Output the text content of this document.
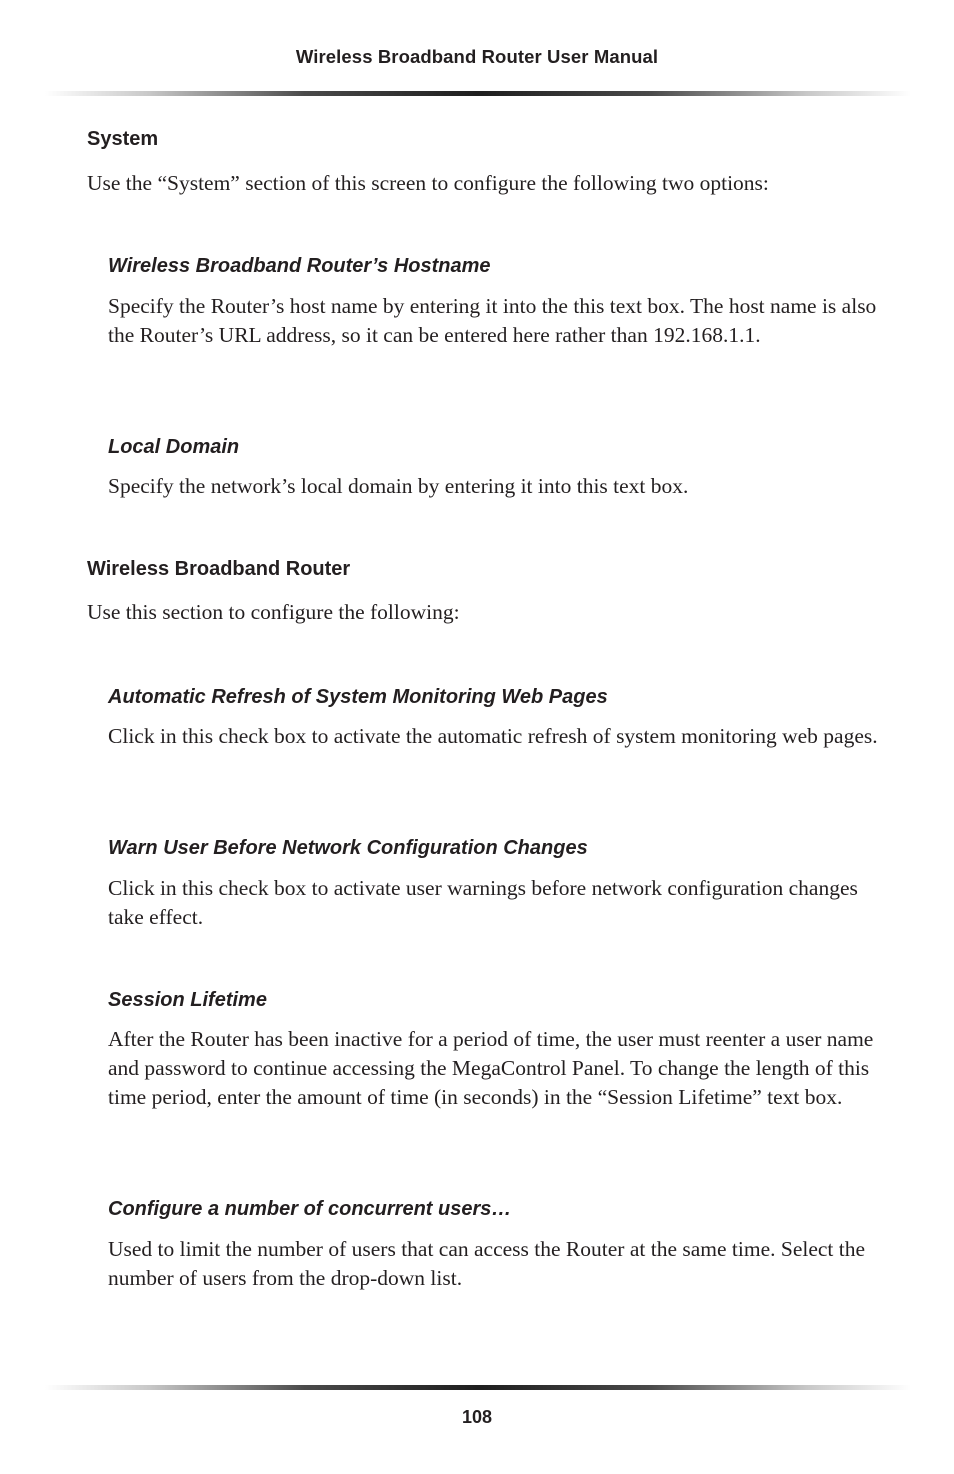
Wireless Broadband Router User Manual
System

Use the “System” section of this screen to configure the following two options:

Wireless Broadband Router’s Hostname

Specify the Router’s host name by entering it into the this text box. The host name is also the Router’s URL address, so it can be entered here rather than 192.168.1.1.

Local Domain

Specify the network’s local domain by entering it into this text box.

Wireless Broadband Router

Use this section to configure the following:

Automatic Refresh of System Monitoring Web Pages

Click in this check box to activate the automatic refresh of system monitoring web pages.

Warn User Before Network Configuration Changes

Click in this check box to activate user warnings before network configuration changes take effect.

Session Lifetime

After the Router has been inactive for a period of time, the user must reenter a user name and password to continue accessing the MegaControl Panel. To change the length of this time period, enter the amount of time (in seconds) in the “Session Lifetime” text box.

Configure a number of concurrent users…

Used to limit the number of users that can access the Router at the same time. Select the number of users from the drop-down list.

108
